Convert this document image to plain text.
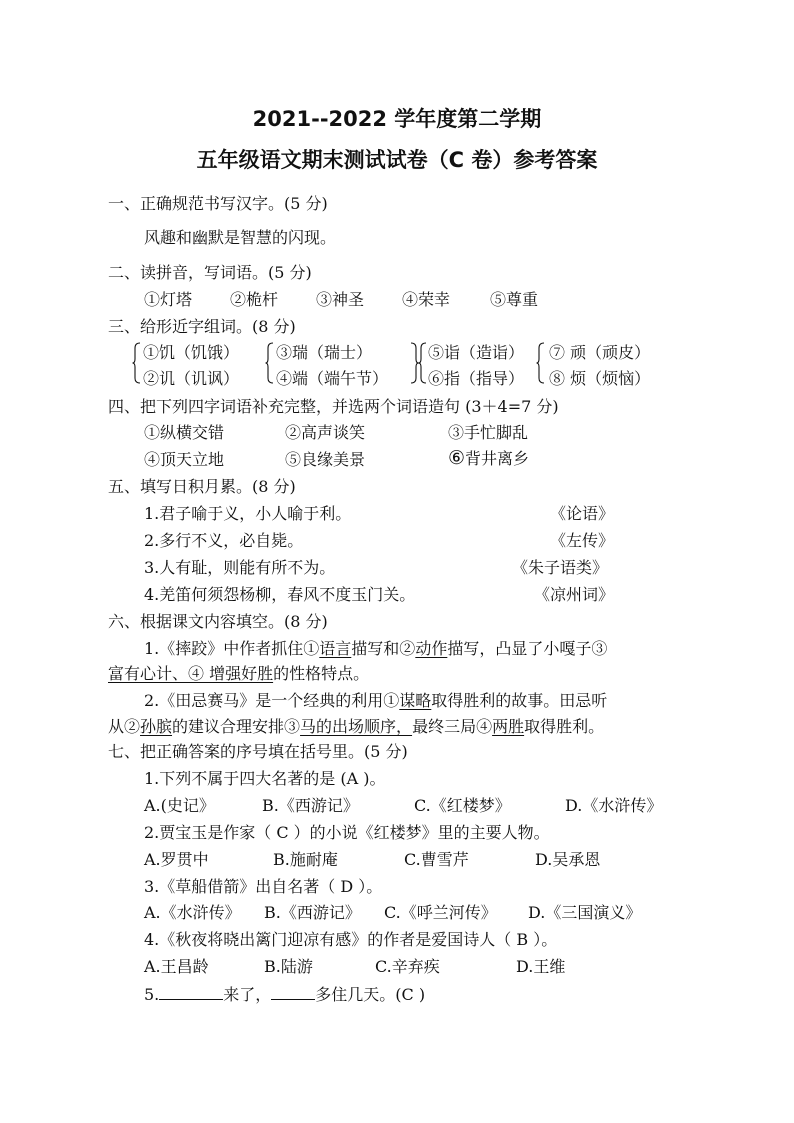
2021--2022 学年度第二学期
五年级语文期末测试试卷（C 卷）参考答案
一、正确规范书写汉字。(5 分)
风趣和幽默是智慧的闪现。
二、读拼音，写词语。(5 分)
①灯塔 ②桅杆 ③神圣 ④荣幸 ⑤尊重
三、给形近字组词。(8 分)
①饥（饥饿）
②讥（讥讽）
③瑞（瑞士）
④端（端午节）
⑤诣（造诣）
⑥指（指导）
⑦ 顽（顽皮）
⑧ 烦（烦恼）
四、把下列四字词语补充完整，并选两个词语造句 (3＋4=7 分)
①纵横交错	②高声谈笑	③手忙脚乱
④顶天立地	⑤良缘美景	⑥背井离乡
五、填写日积月累。(8 分)
1.君子喻于义，小人喻于利。	《论语》
2.多行不义，必自毙。	《左传》
3.人有耻，则能有所不为。	《朱子语类》
4.羌笛何须怨杨柳，春风不度玉门关。	《凉州词》
六、根据课文内容填空。(8 分)
1.《摔跤》中作者抓住①语言描写和②动作描写，凸显了小嘎子③
富有心计、④ 增强好胜的性格特点。
2.《田忌赛马》是一个经典的利用①谋略取得胜利的故事。田忌听
从②孙膑的建议合理安排③马的出场顺序，最终三局④两胜取得胜利。
七、把正确答案的序号填在括号里。(5 分)
1.下列不属于四大名著的是 (A )。
A.(史记》	B.《西游记》	C.《红楼梦》	D.《水浒传》
2.贾宝玉是作家（ C ）的小说《红楼梦》里的主要人物。
A.罗贯中	B.施耐庵	C.曹雪芹	D.吴承恩
3.《草船借箭》出自名著（ D ）。
A.《水浒传》 B.《西游记》 C.《呼兰河传》 D.《三国演义》
4.《秋夜将晓出篱门迎凉有感》的作者是爱国诗人（ B ）。
A.王昌龄	B.陆游	C.辛弃疾	D.王维
5.	来了，	多住几天。(C )
